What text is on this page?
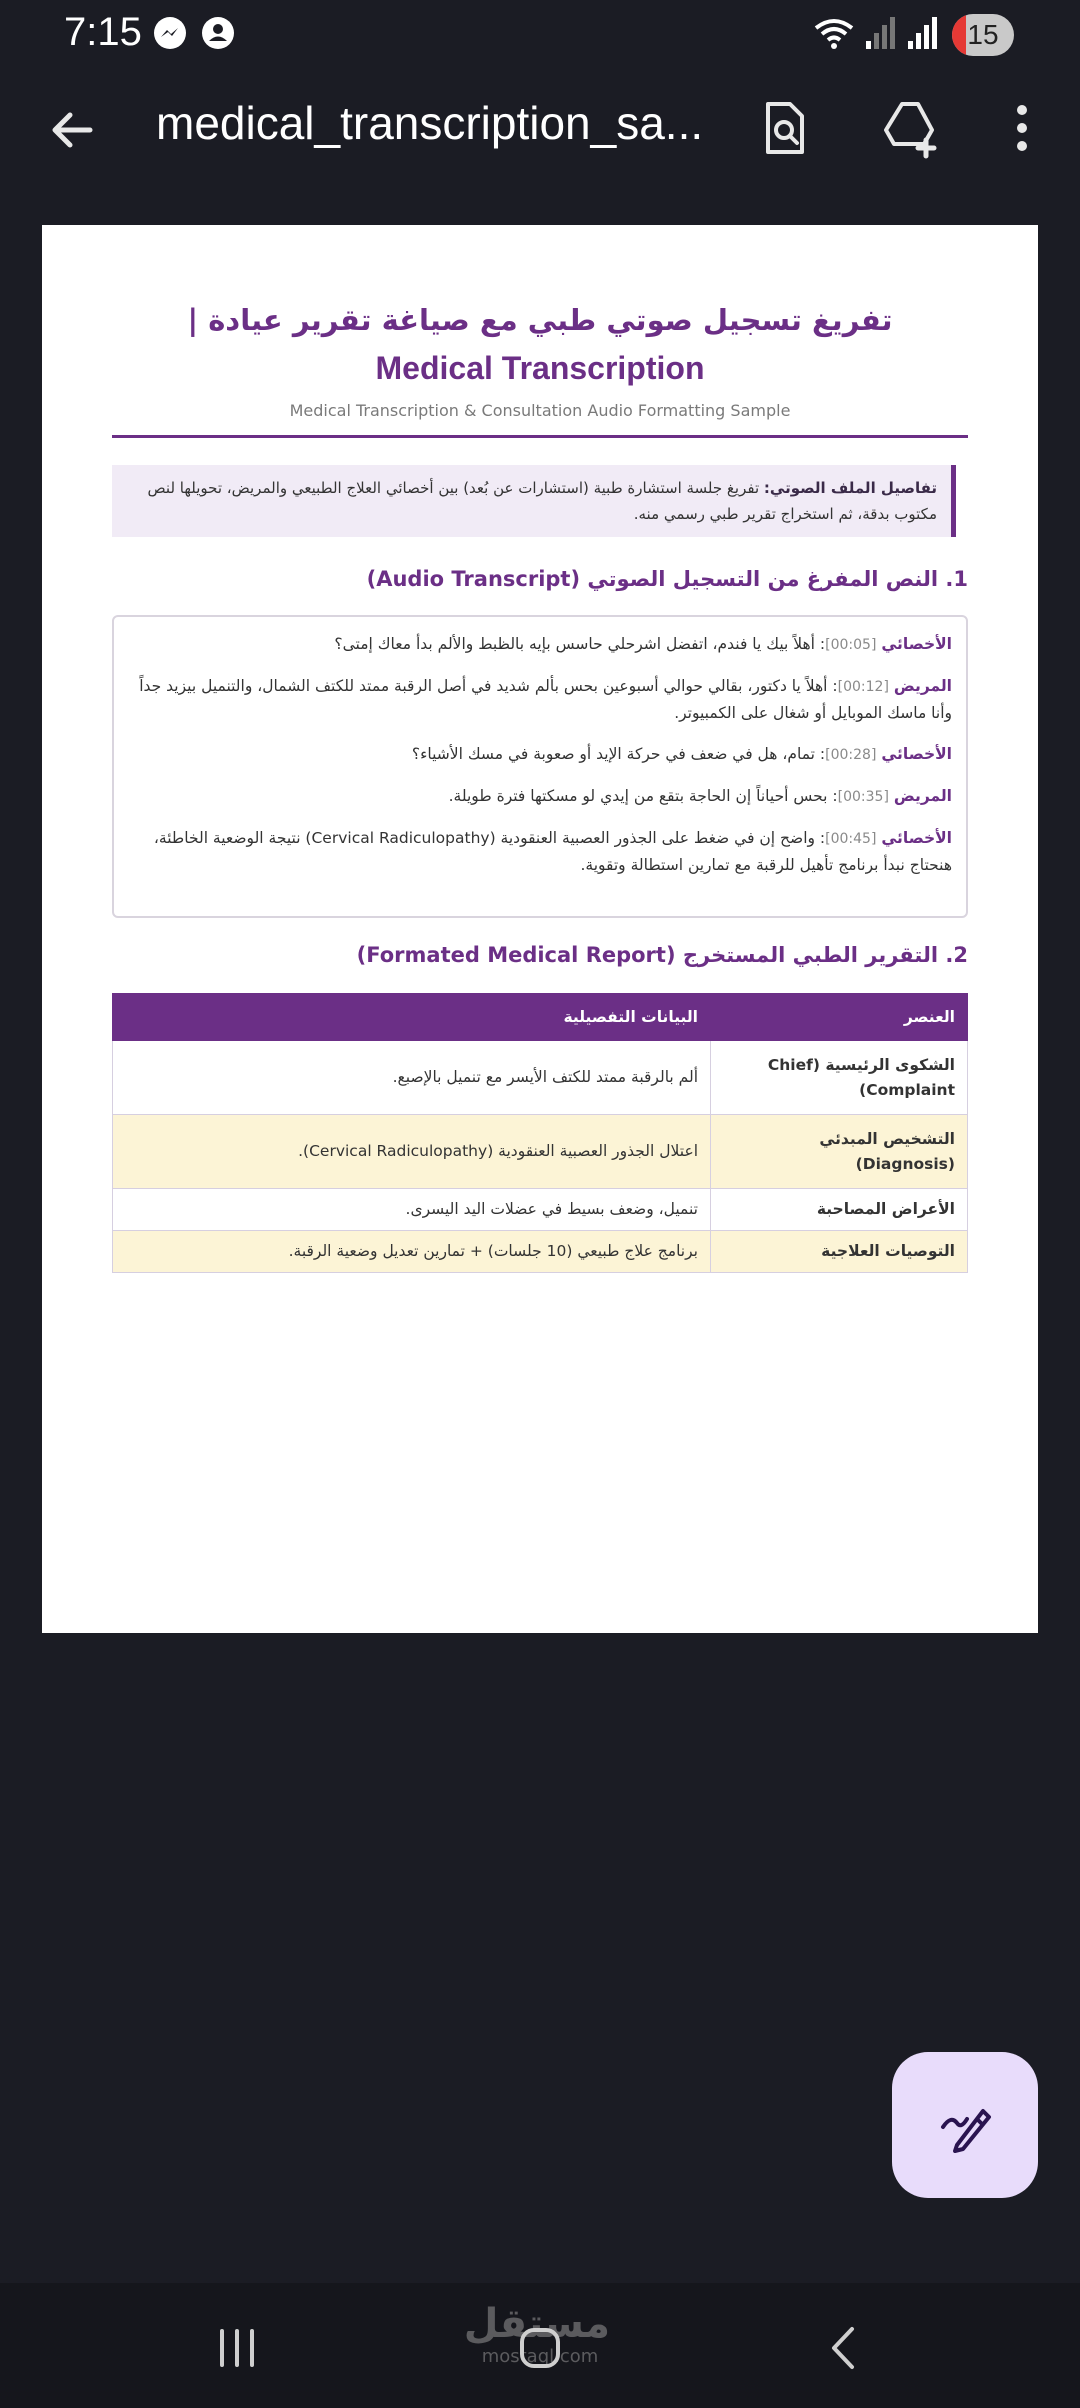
7:15	15
medical_transcription_sa...
تفريغ تسجيل صوتي طبي مع صياغة تقرير عيادة |
Medical Transcription
Medical Transcription & Consultation Audio Formatting Sample
تفاصيل الملف الصوتي: تفريغ جلسة استشارة طبية (استشارات عن بُعد) بين أخصائي العلاج الطبيعي والمريض، تحويلها لنص مكتوب بدقة، ثم استخراج تقرير طبي رسمي منه.
1. النص المفرغ من التسجيل الصوتي (Audio Transcript)
الأخصائي [00:05]: أهلاً بيك يا فندم، اتفضل اشرحلي حاسس بإيه بالظبط والألم بدأ معاك إمتى؟
المريض [00:12]: أهلاً يا دكتور، بقالي حوالي أسبوعين بحس بألم شديد في أصل الرقبة ممتد للكتف الشمال، والتنميل بيزيد جداً وأنا ماسك الموبايل أو شغال على الكمبيوتر.
الأخصائي [00:28]: تمام، هل في ضعف في حركة الإيد أو صعوبة في مسك الأشياء؟
المريض [00:35]: بحس أحياناً إن الحاجة بتقع من إيدي لو مسكتها فترة طويلة.
الأخصائي [00:45]: واضح إن في ضغط على الجذور العصبية العنقودية (Cervical Radiculopathy) نتيجة الوضعية الخاطئة، هنحتاج نبدأ برنامج تأهيل للرقبة مع تمارين استطالة وتقوية.
2. التقرير الطبي المستخرج (Formated Medical Report)
العنصر	البيانات التفصيلية
الشكوى الرئيسية (Chief Complaint)	ألم بالرقبة ممتد للكتف الأيسر مع تنميل بالإصبع.
التشخيص المبدئي (Diagnosis)	اعتلال الجذور العصبية العنقودية (Cervical Radiculopathy).
الأعراض المصاحبة	تنميل، وضعف بسيط في عضلات اليد اليسرى.
التوصيات العلاجية	برنامج علاج طبيعي (10 جلسات) + تمارين تعديل وضعية الرقبة.
مستقل
mostaql.com
